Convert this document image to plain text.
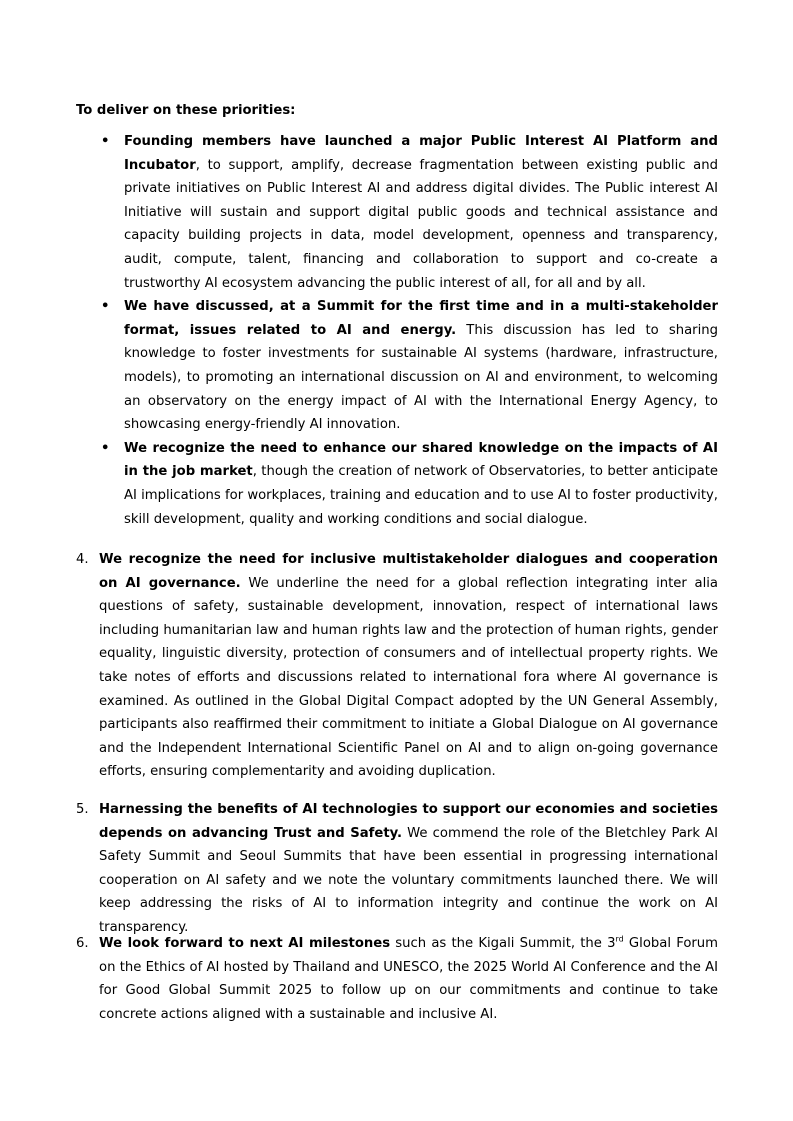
To deliver on these priorities:

• Founding members have launched a major Public Interest AI Platform and Incubator, to support, amplify, decrease fragmentation between existing public and private initiatives on Public Interest AI and address digital divides. The Public interest AI Initiative will sustain and support digital public goods and technical assistance and capacity building projects in data, model development, openness and transparency, audit, compute, talent, financing and collaboration to support and co-create a trustworthy AI ecosystem advancing the public interest of all, for all and by all.
• We have discussed, at a Summit for the first time and in a multi-stakeholder format, issues related to AI and energy. This discussion has led to sharing knowledge to foster investments for sustainable AI systems (hardware, infrastructure, models), to promoting an international discussion on AI and environment, to welcoming an observatory on the energy impact of AI with the International Energy Agency, to showcasing energy-friendly AI innovation.
• We recognize the need to enhance our shared knowledge on the impacts of AI in the job market, though the creation of network of Observatories, to better anticipate AI implications for workplaces, training and education and to use AI to foster productivity, skill development, quality and working conditions and social dialogue.

4. We recognize the need for inclusive multistakeholder dialogues and cooperation on AI governance. We underline the need for a global reflection integrating inter alia questions of safety, sustainable development, innovation, respect of international laws including humanitarian law and human rights law and the protection of human rights, gender equality, linguistic diversity, protection of consumers and of intellectual property rights. We take notes of efforts and discussions related to international fora where AI governance is examined. As outlined in the Global Digital Compact adopted by the UN General Assembly, participants also reaffirmed their commitment to initiate a Global Dialogue on AI governance and the Independent International Scientific Panel on AI and to align on-going governance efforts, ensuring complementarity and avoiding duplication.

5. Harnessing the benefits of AI technologies to support our economies and societies depends on advancing Trust and Safety. We commend the role of the Bletchley Park AI Safety Summit and Seoul Summits that have been essential in progressing international cooperation on AI safety and we note the voluntary commitments launched there. We will keep addressing the risks of AI to information integrity and continue the work on AI transparency.

6. We look forward to next AI milestones such as the Kigali Summit, the 3rd Global Forum on the Ethics of AI hosted by Thailand and UNESCO, the 2025 World AI Conference and the AI for Good Global Summit 2025 to follow up on our commitments and continue to take concrete actions aligned with a sustainable and inclusive AI.
